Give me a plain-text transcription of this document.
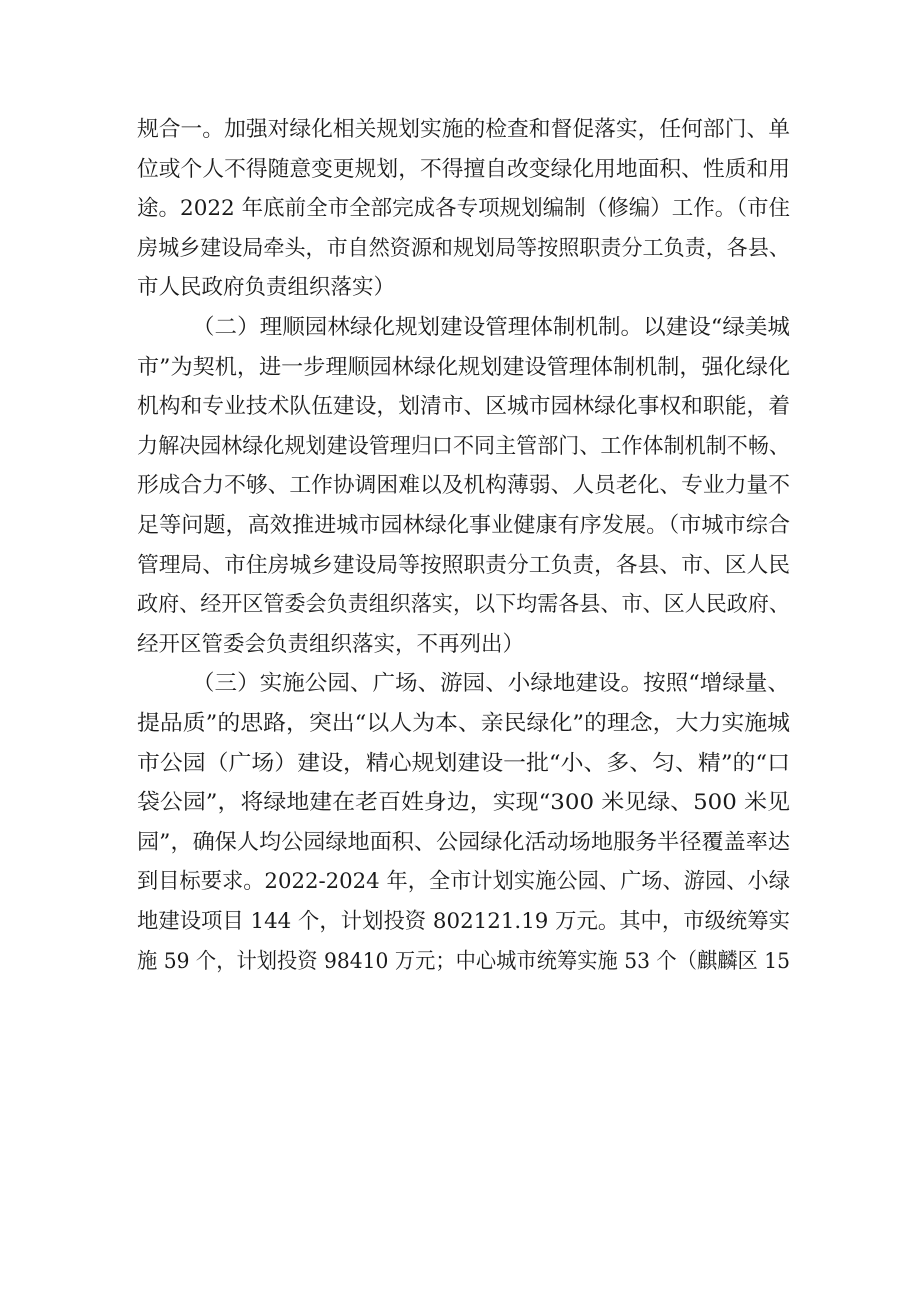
规合一。加强对绿化相关规划实施的检查和督促落实，任何部门、单
位或个人不得随意变更规划，不得擅自改变绿化用地面积、性质和用
途。2022 年底前全市全部完成各专项规划编制（修编）工作。（市住
房城乡建设局牵头，市自然资源和规划局等按照职责分工负责，各县、
市人民政府负责组织落实）
（二）理顺园林绿化规划建设管理体制机制。以建设“绿美城
市”为契机，进一步理顺园林绿化规划建设管理体制机制，强化绿化
机构和专业技术队伍建设，划清市、区城市园林绿化事权和职能，着
力解决园林绿化规划建设管理归口不同主管部门、工作体制机制不畅、
形成合力不够、工作协调困难以及机构薄弱、人员老化、专业力量不
足等问题，高效推进城市园林绿化事业健康有序发展。（市城市综合
管理局、市住房城乡建设局等按照职责分工负责，各县、市、区人民
政府、经开区管委会负责组织落实，以下均需各县、市、区人民政府、
经开区管委会负责组织落实，不再列出）
（三）实施公园、广场、游园、小绿地建设。按照“增绿量、
提品质”的思路，突出“以人为本、亲民绿化”的理念，大力实施城
市公园（广场）建设，精心规划建设一批“小、多、匀、精”的“口
袋公园”，将绿地建在老百姓身边，实现“300 米见绿、500 米见
园”，确保人均公园绿地面积、公园绿化活动场地服务半径覆盖率达
到目标要求。2022-2024 年，全市计划实施公园、广场、游园、小绿
地建设项目 144 个，计划投资 802121.19 万元。其中，市级统筹实
施 59 个，计划投资 98410 万元；中心城市统筹实施 53 个（麒麟区 15
